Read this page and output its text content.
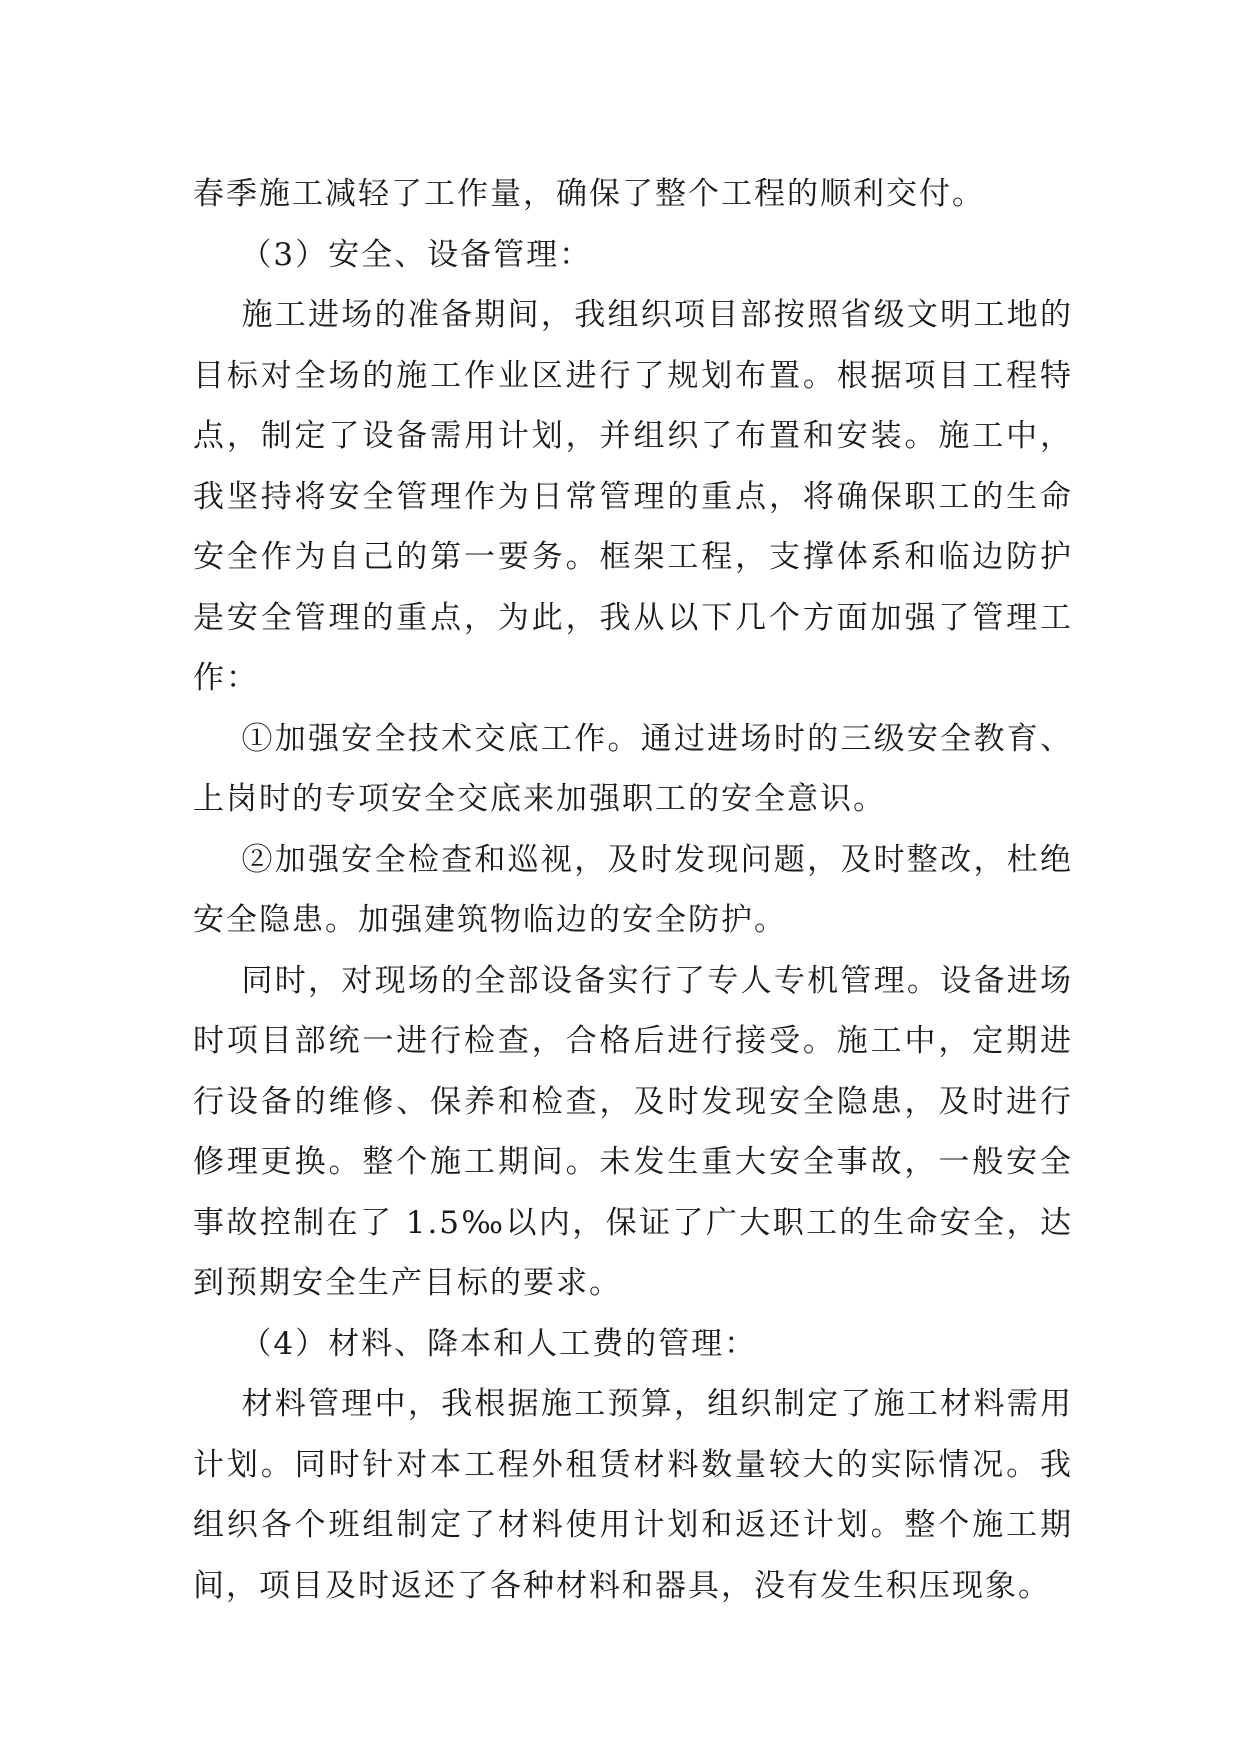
春季施工减轻了工作量，确保了整个工程的顺利交付。

（3）安全、设备管理：

施工进场的准备期间，我组织项目部按照省级文明工地的目标对全场的施工作业区进行了规划布置。根据项目工程特点，制定了设备需用计划，并组织了布置和安装。施工中，我坚持将安全管理作为日常管理的重点，将确保职工的生命安全作为自己的第一要务。框架工程，支撑体系和临边防护是安全管理的重点，为此，我从以下几个方面加强了管理工作：

①加强安全技术交底工作。通过进场时的三级安全教育、上岗时的专项安全交底来加强职工的安全意识。

②加强安全检查和巡视，及时发现问题，及时整改，杜绝安全隐患。加强建筑物临边的安全防护。

同时，对现场的全部设备实行了专人专机管理。设备进场时项目部统一进行检查，合格后进行接受。施工中，定期进行设备的维修、保养和检查，及时发现安全隐患，及时进行修理更换。整个施工期间。未发生重大安全事故，一般安全事故控制在了 1.5‰以内，保证了广大职工的生命安全，达到预期安全生产目标的要求。

（4）材料、降本和人工费的管理：

材料管理中，我根据施工预算，组织制定了施工材料需用计划。同时针对本工程外租赁材料数量较大的实际情况。我组织各个班组制定了材料使用计划和返还计划。整个施工期间，项目及时返还了各种材料和器具，没有发生积压现象。
